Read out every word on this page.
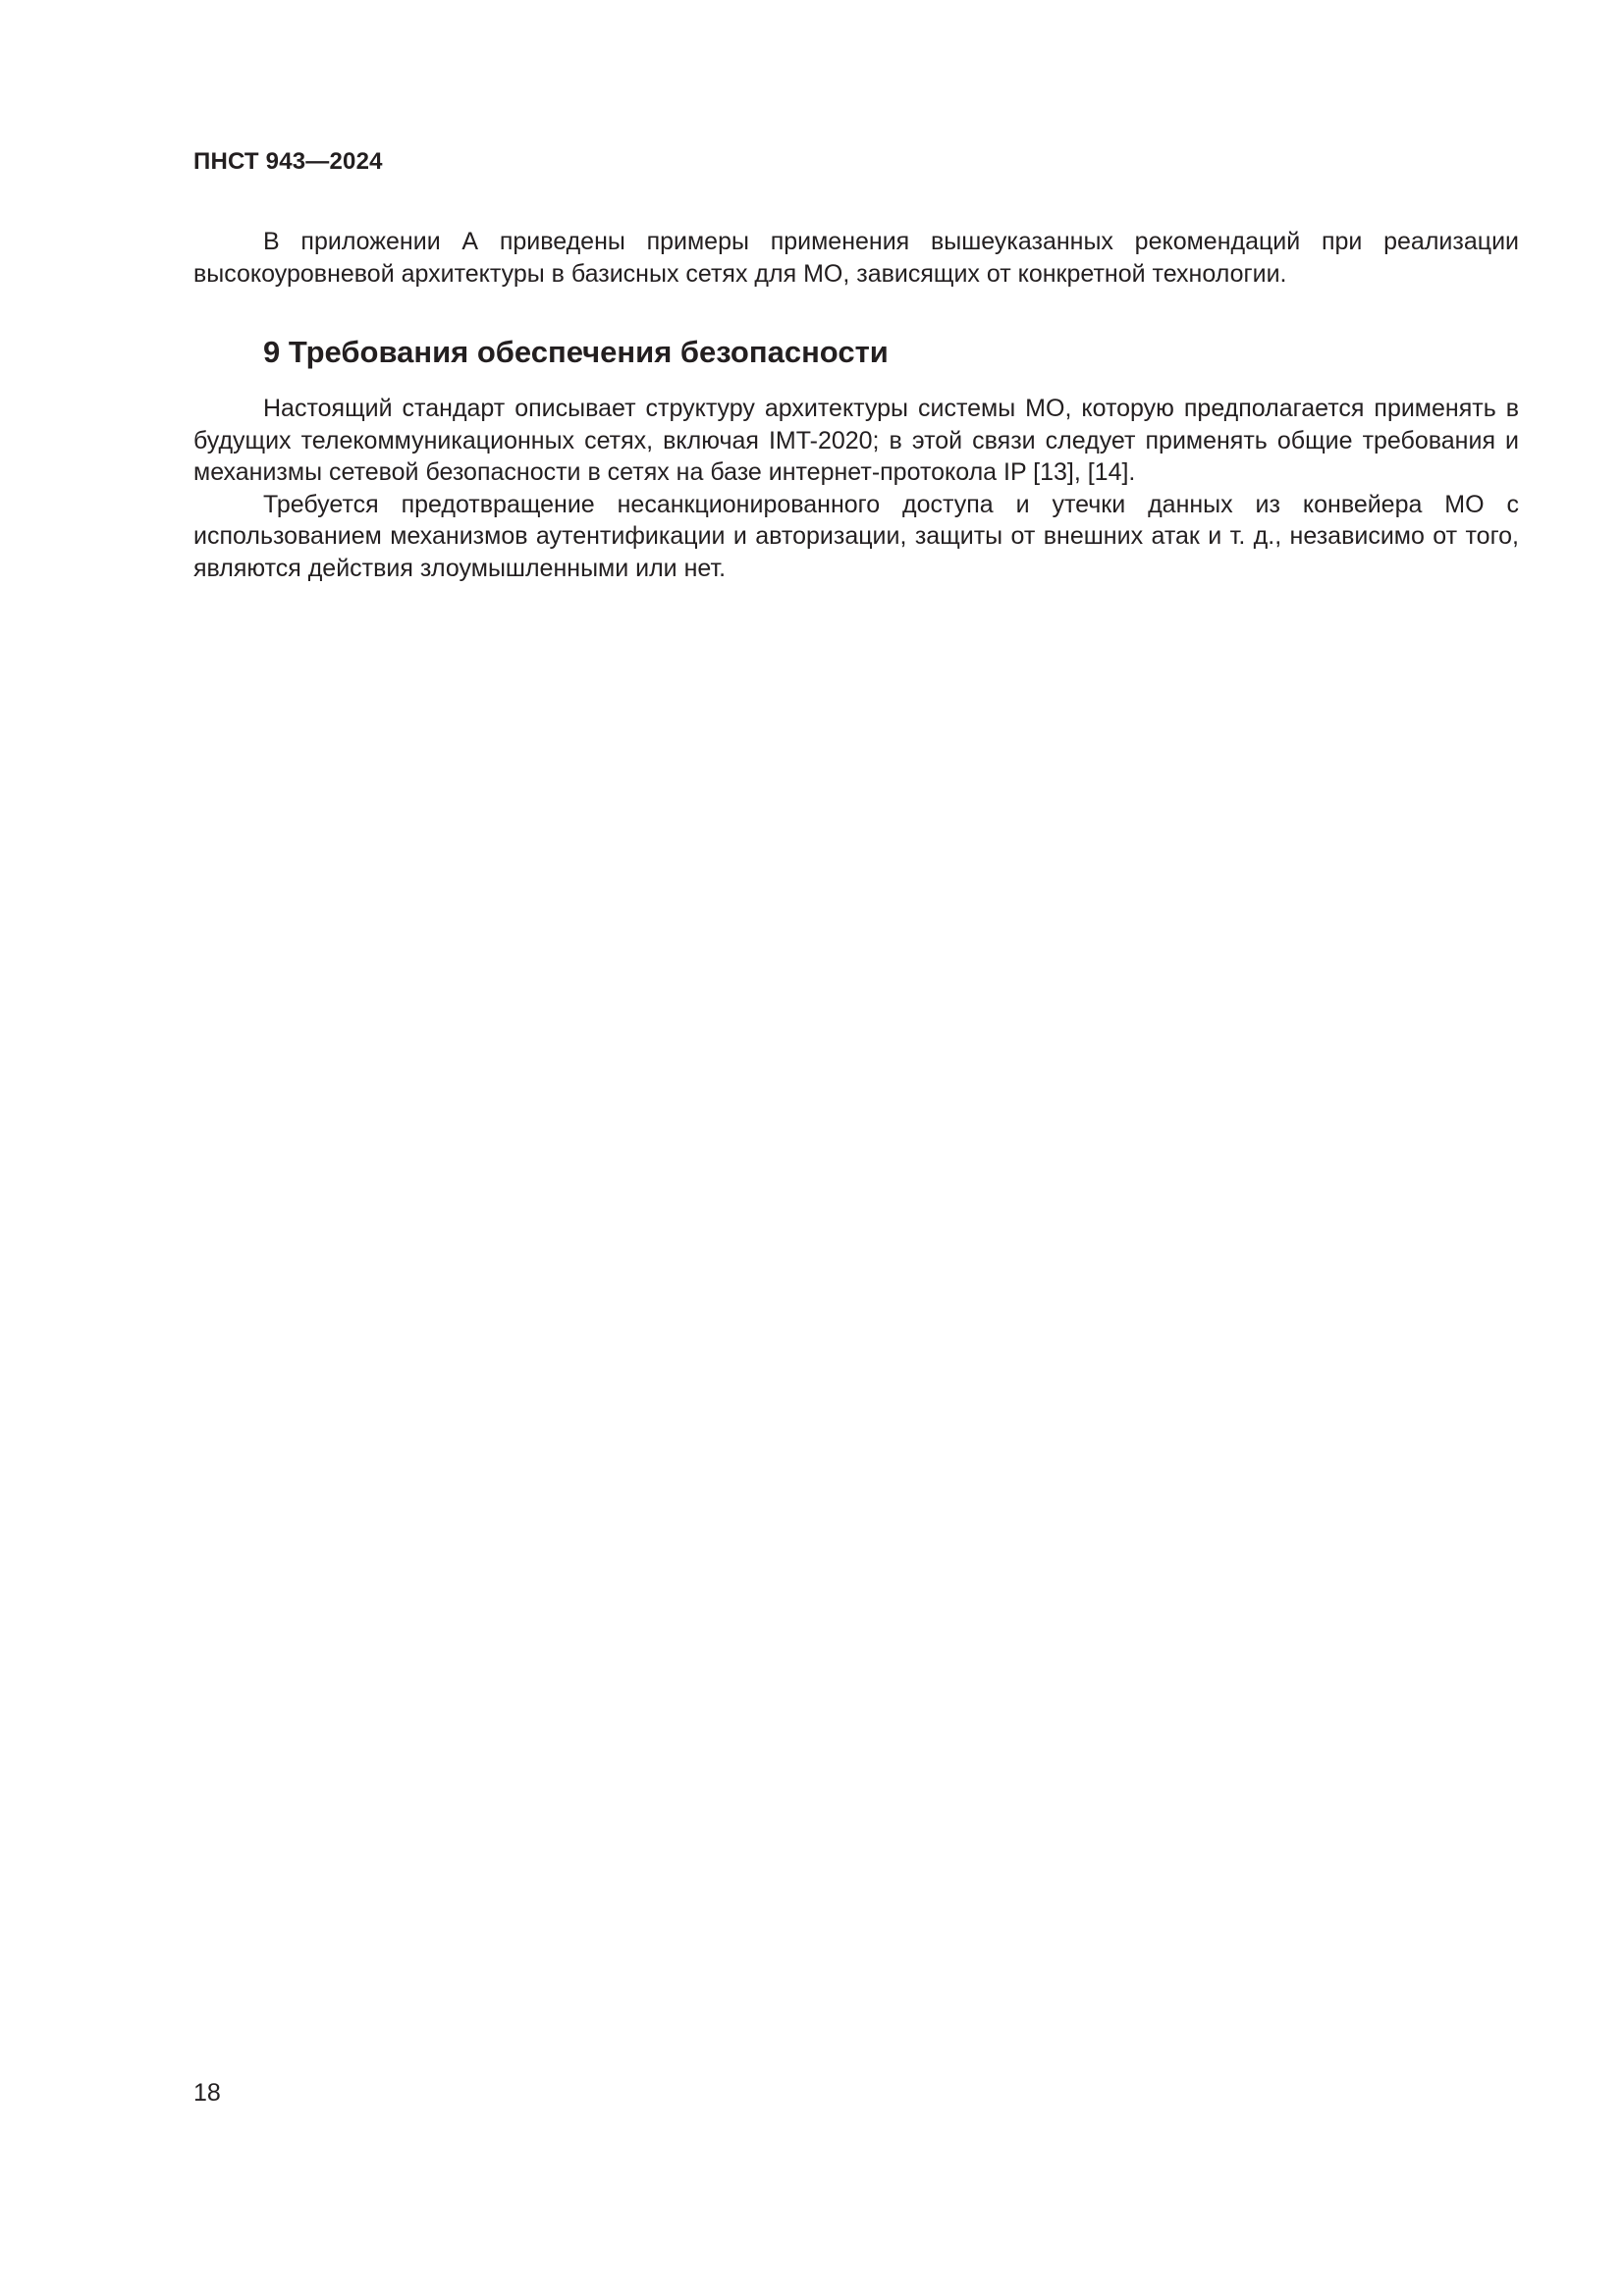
ПНСТ 943—2024

В приложении А приведены примеры применения вышеуказанных рекомендаций при реализации высокоуровневой архитектуры в базисных сетях для МО, зависящих от конкретной технологии.

9 Требования обеспечения безопасности

Настоящий стандарт описывает структуру архитектуры системы МО, которую предполагается применять в будущих телекоммуникационных сетях, включая IMT-2020; в этой связи следует применять общие требования и механизмы сетевой безопасности в сетях на базе интернет-протокола IP [13], [14].

Требуется предотвращение несанкционированного доступа и утечки данных из конвейера МО с использованием механизмов аутентификации и авторизации, защиты от внешних атак и т. д., независимо от того, являются действия злоумышленными или нет.

18
